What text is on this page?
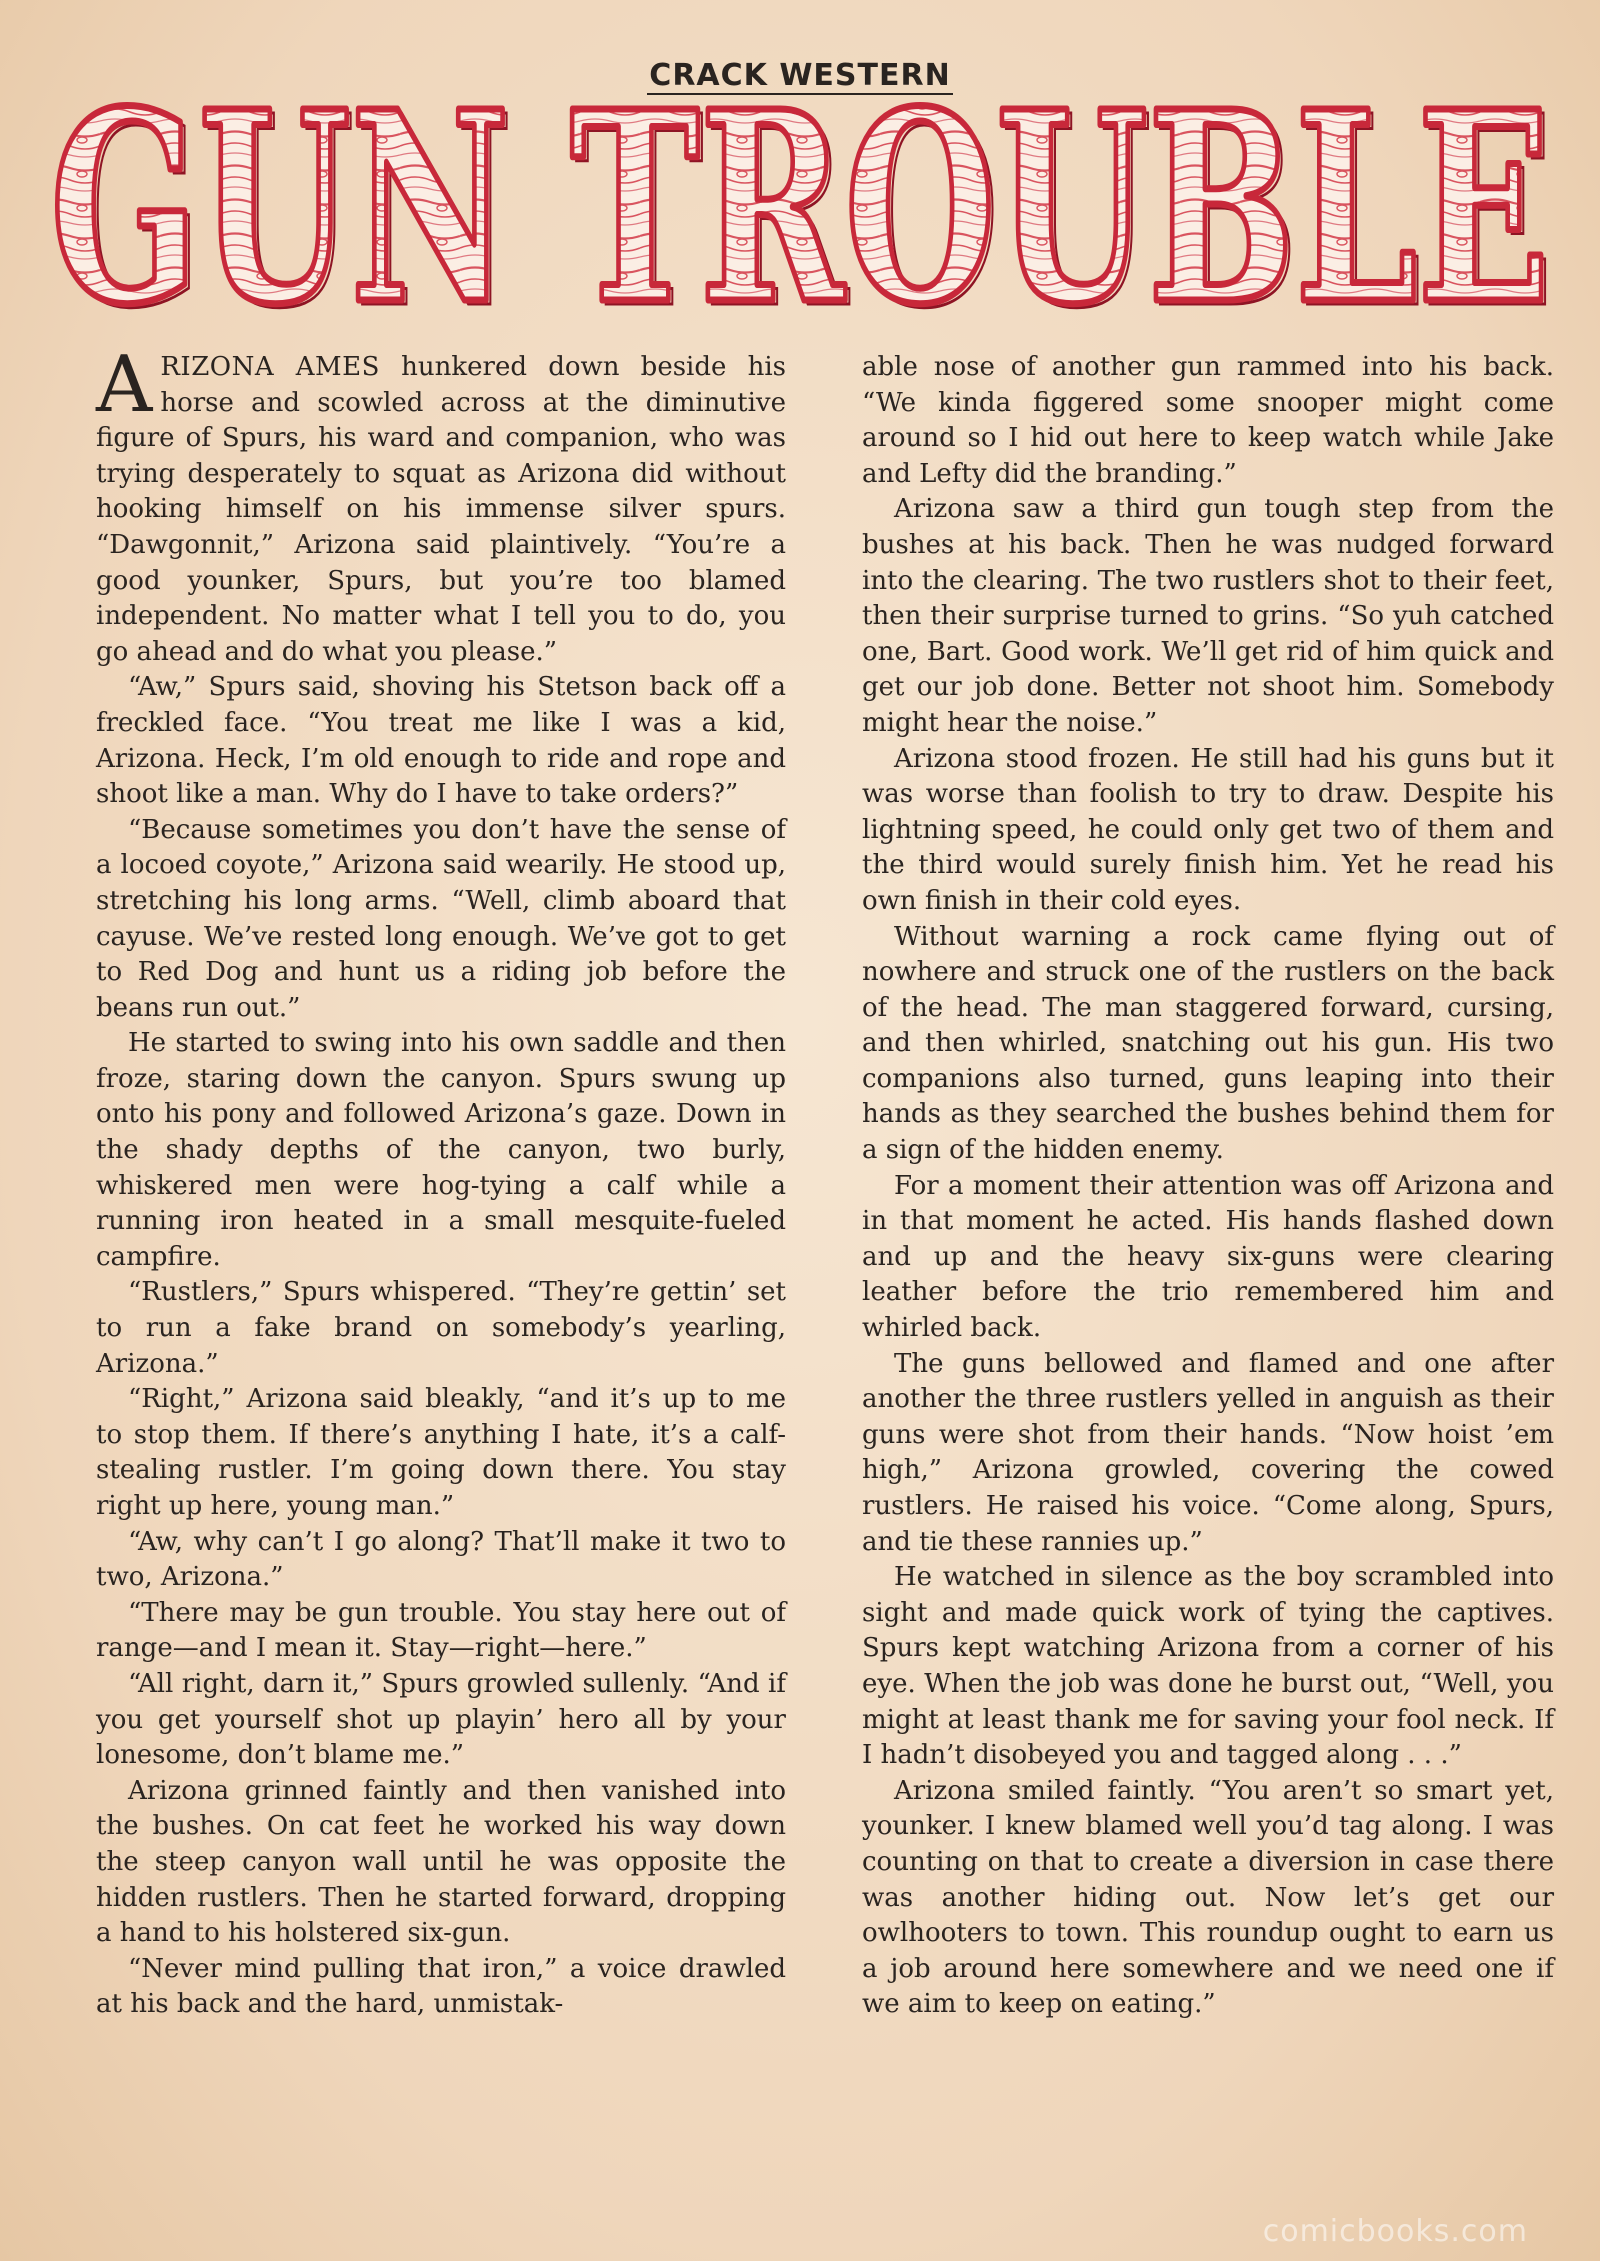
CRACK WESTERN
GUN TROUBLE
GUN TROUBLE

ARIZONA AMES hunkered down beside his horse and scowled across at the diminutive figure of Spurs, his ward and companion, who was trying desperately to squat as Arizona did without hooking himself on his immense silver spurs. “Dawgonnit,” Arizona said plaintively. “You’re a good younker, Spurs, but you’re too blamed independent. No matter what I tell you to do, you go ahead and do what you please.”

“Aw,” Spurs said, shoving his Stetson back off a freckled face. “You treat me like I was a kid, Arizona. Heck, I’m old enough to ride and rope and shoot like a man. Why do I have to take orders?”

“Because sometimes you don’t have the sense of a locoed coyote,” Arizona said wearily. He stood up, stretching his long arms. “Well, climb aboard that cayuse. We’ve rested long enough. We’ve got to get to Red Dog and hunt us a riding job before the beans run out.”

He started to swing into his own saddle and then froze, staring down the canyon. Spurs swung up onto his pony and followed Arizona’s gaze. Down in the shady depths of the canyon, two burly, whiskered men were hog-tying a calf while a running iron heated in a small mesquite-fueled campfire.

“Rustlers,” Spurs whispered. “They’re gettin’ set to run a fake brand on somebody’s yearling, Arizona.”

“Right,” Arizona said bleakly, “and it’s up to me to stop them. If there’s anything I hate, it’s a calf-stealing rustler. I’m going down there. You stay right up here, young man.”

“Aw, why can’t I go along? That’ll make it two to two, Arizona.”

“There may be gun trouble. You stay here out of range—and I mean it. Stay—right—here.”

“All right, darn it,” Spurs growled sullenly. “And if you get yourself shot up playin’ hero all by your lonesome, don’t blame me.”

Arizona grinned faintly and then vanished into the bushes. On cat feet he worked his way down the steep canyon wall until he was opposite the hidden rustlers. Then he started forward, dropping a hand to his holstered six-gun.

“Never mind pulling that iron,” a voice drawled at his back and the hard, unmistak-

able nose of another gun rammed into his back. “We kinda figgered some snooper might come around so I hid out here to keep watch while Jake and Lefty did the branding.”

Arizona saw a third gun tough step from the bushes at his back. Then he was nudged forward into the clearing. The two rustlers shot to their feet, then their surprise turned to grins. “So yuh catched one, Bart. Good work. We’ll get rid of him quick and get our job done. Better not shoot him. Somebody might hear the noise.”

Arizona stood frozen. He still had his guns but it was worse than foolish to try to draw. Despite his lightning speed, he could only get two of them and the third would surely finish him. Yet he read his own finish in their cold eyes.

Without warning a rock came flying out of nowhere and struck one of the rustlers on the back of the head. The man staggered forward, cursing, and then whirled, snatching out his gun. His two companions also turned, guns leaping into their hands as they searched the bushes behind them for a sign of the hidden enemy.

For a moment their attention was off Arizona and in that moment he acted. His hands flashed down and up and the heavy six-guns were clearing leather before the trio remembered him and whirled back.

The guns bellowed and flamed and one after another the three rustlers yelled in anguish as their guns were shot from their hands. “Now hoist ’em high,” Arizona growled, covering the cowed rustlers. He raised his voice. “Come along, Spurs, and tie these rannies up.”

He watched in silence as the boy scrambled into sight and made quick work of tying the captives. Spurs kept watching Arizona from a corner of his eye. When the job was done he burst out, “Well, you might at least thank me for saving your fool neck. If I hadn’t disobeyed you and tagged along . . .”

Arizona smiled faintly. “You aren’t so smart yet, younker. I knew blamed well you’d tag along. I was counting on that to create a diversion in case there was another hiding out. Now let’s get our owlhooters to town. This roundup ought to earn us a job around here somewhere and we need one if we aim to keep on eating.”

comicbooks.com
